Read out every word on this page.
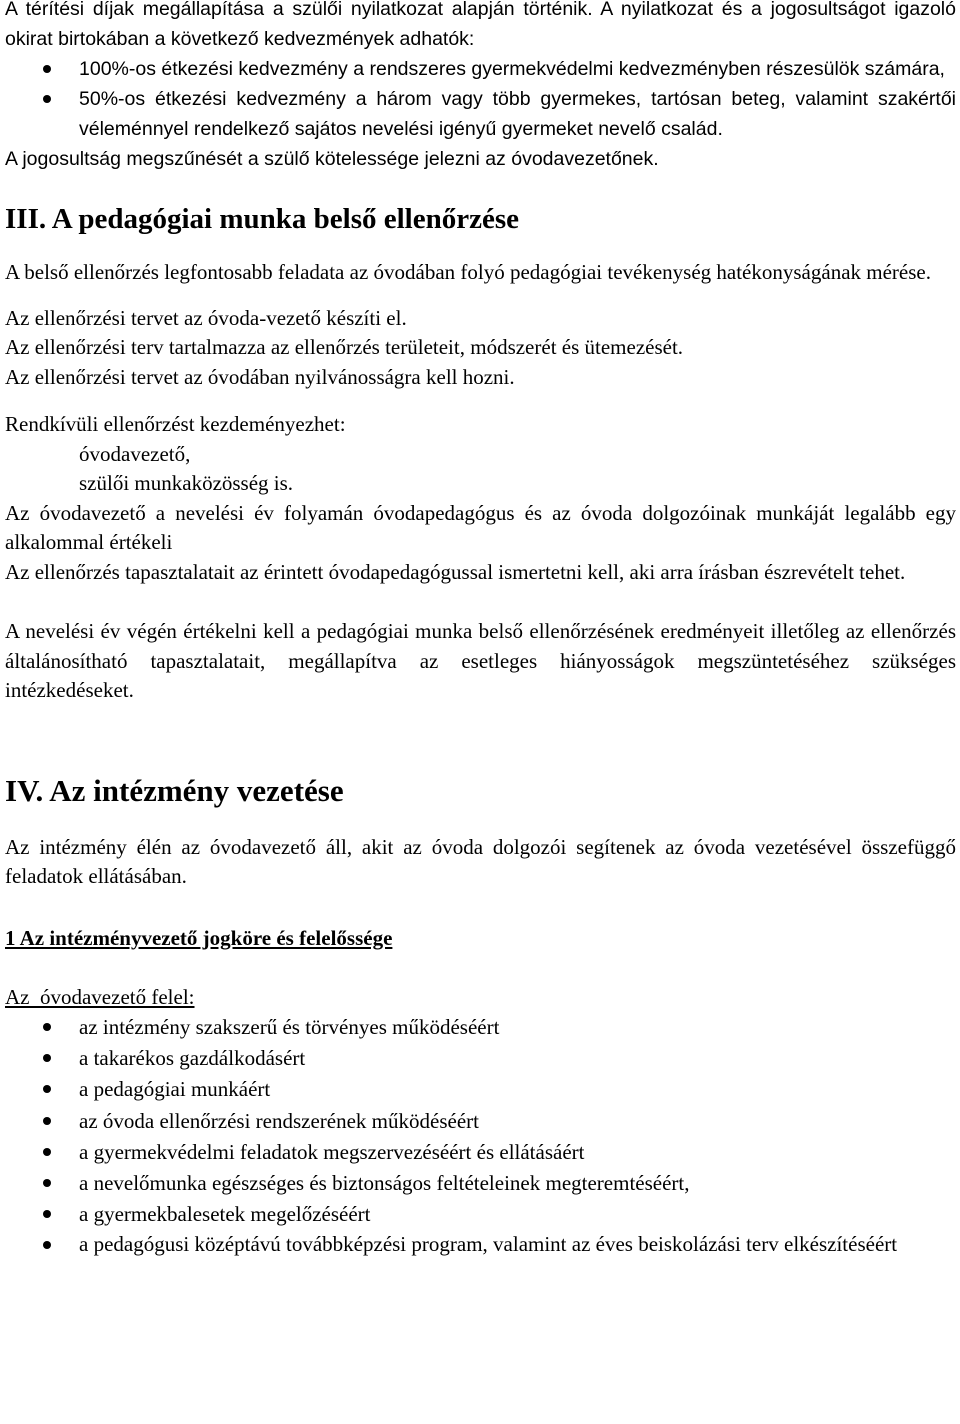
A térítési díjak megállapítása a szülői nyilatkozat alapján történik. A nyilatkozat és a jogosultságot igazoló okirat birtokában a következő kedvezmények adhatók:

100%-os étkezési kedvezmény a rendszeres gyermekvédelmi kedvezményben részesülök számára,
50%-os étkezési kedvezmény a három vagy több gyermekes, tartósan beteg, valamint szakértői véleménnyel rendelkező sajátos nevelési igényű gyermeket nevelő család.

A jogosultság megszűnését a szülő kötelessége jelezni az óvodavezetőnek.

III. A pedagógiai munka belső ellenőrzése

A belső ellenőrzés legfontosabb feladata az óvodában folyó pedagógiai tevékenység hatékonyságának mérése.

Az ellenőrzési tervet az óvoda-vezető készíti el.

Az ellenőrzési terv tartalmazza az ellenőrzés területeit, módszerét és ütemezését.

Az ellenőrzési tervet az óvodában nyilvánosságra kell hozni.

Rendkívüli ellenőrzést kezdeményezhet:

óvodavezető,

szülői munkaközösség is.

Az óvodavezető a nevelési év folyamán óvodapedagógus és az óvoda dolgozóinak munkáját legalább egy alkalommal értékeli

Az ellenőrzés tapasztalatait az érintett óvodapedagógussal ismertetni kell, aki arra írásban észrevételt tehet.

A nevelési év végén értékelni kell a pedagógiai munka belső ellenőrzésének eredményeit illetőleg az ellenőrzés általánosítható tapasztalatait, megállapítva az esetleges hiányosságok megszüntetéséhez szükséges intézkedéseket.

IV. Az intézmény vezetése

Az intézmény élén az óvodavezető áll, akit az óvoda dolgozói segítenek az óvoda vezetésével összefüggő feladatok ellátásában.

1 Az intézményvezető jogköre és felelőssége

Az  óvodavezető felel:

az intézmény szakszerű és törvényes működéséért
a takarékos gazdálkodásért
a pedagógiai munkáért
az óvoda ellenőrzési rendszerének működéséért
a gyermekvédelmi feladatok megszervezéséért és ellátásáért
a nevelőmunka egészséges és biztonságos feltételeinek megteremtéséért,
a gyermekbalesetek megelőzéséért
a pedagógusi középtávú továbbképzési program, valamint az éves beiskolázási terv elkészítéséért
